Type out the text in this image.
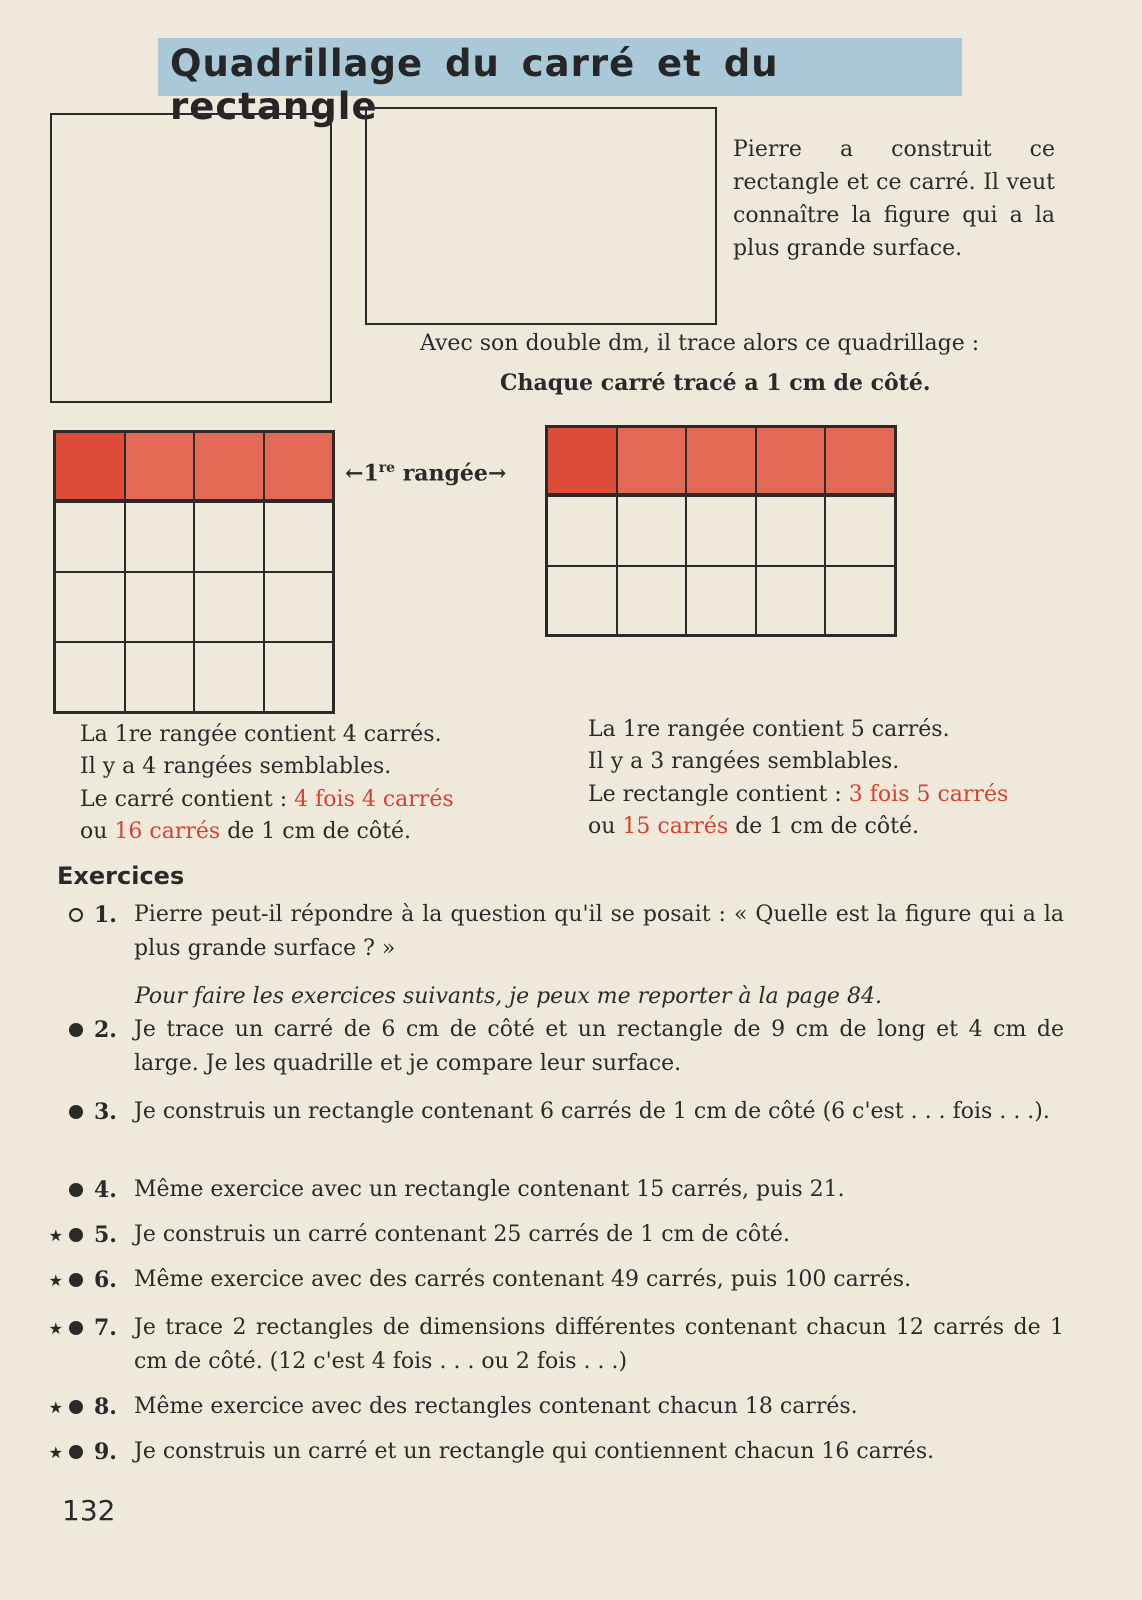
Quadrillage du carré et du rectangle
Pierre a construit ce rectangle et ce carré. Il veut connaître la figure qui a la plus grande surface.
Avec son double dm, il trace alors ce quadrillage :
Chaque carré tracé a 1 cm de côté.
←1re rangée→
La 1re rangée contient 4 carrés.
Il y a 4 rangées semblables.
Le carré contient : 4 fois 4 carrés
ou 16 carrés de 1 cm de côté.
La 1re rangée contient 5 carrés.
Il y a 3 rangées semblables.
Le rectangle contient : 3 fois 5 carrés
ou 15 carrés de 1 cm de côté.
Exercices
1. Pierre peut-il répondre à la question qu'il se posait : « Quelle est la figure qui a la plus grande surface ? »
2. Je trace un carré de 6 cm de côté et un rectangle de 9 cm de long et 4 cm de large. Je les quadrille et je compare leur surface.
3. Je construis un rectangle contenant 6 carrés de 1 cm de côté (6 c'est . . . fois . . .).
4. Même exercice avec un rectangle contenant 15 carrés, puis 21.
★	5. Je construis un carré contenant 25 carrés de 1 cm de côté.
★	6. Même exercice avec des carrés contenant 49 carrés, puis 100 carrés.
★	7. Je trace 2 rectangles de dimensions différentes contenant chacun 12 carrés de 1 cm de côté. (12 c'est 4 fois . . . ou 2 fois . . .)
★	8. Même exercice avec des rectangles contenant chacun 18 carrés.
★	9. Je construis un carré et un rectangle qui contiennent chacun 16 carrés.
Pour faire les exercices suivants, je peux me reporter à la page 84.
132
